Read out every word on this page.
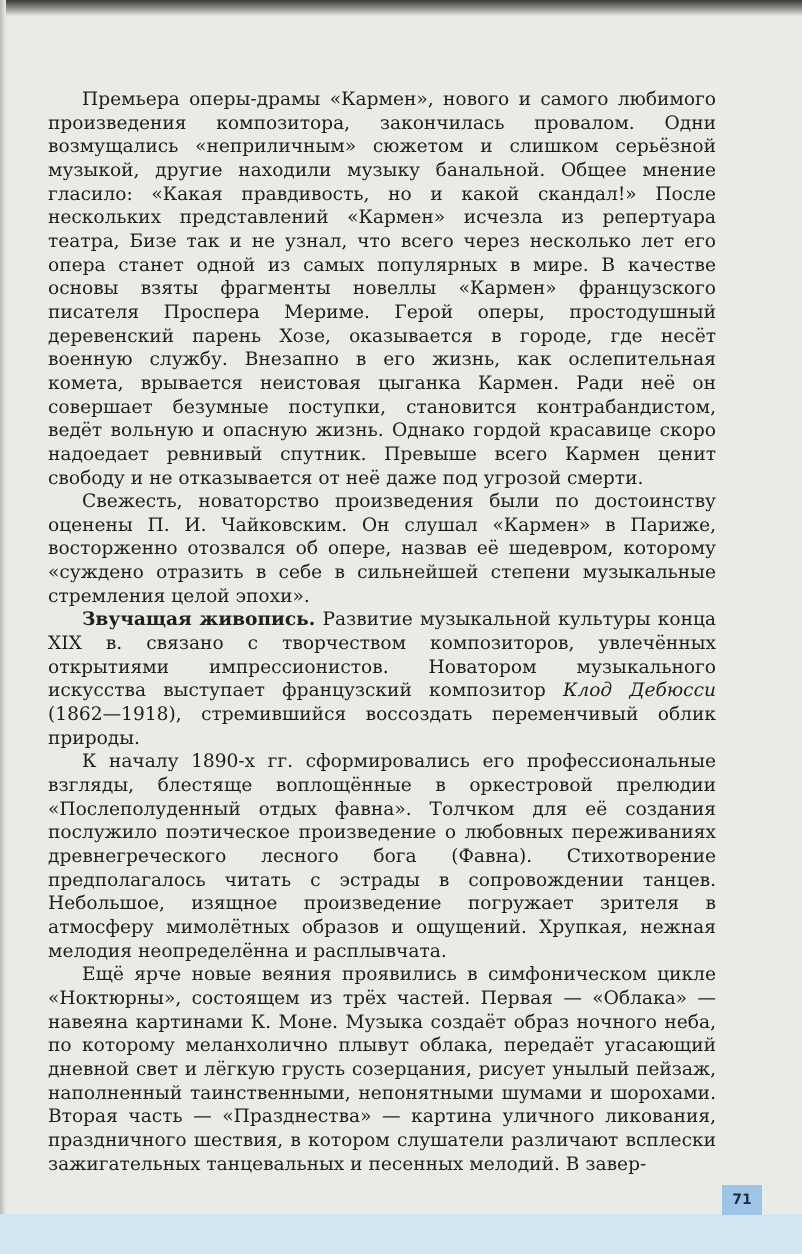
Премьера оперы-драмы «Кармен», нового и самого любимого произведения композитора, закончилась провалом. Одни возмущались «неприличным» сюжетом и слишком серьёзной музыкой, другие находили музыку банальной. Общее мнение гласило: «Какая правдивость, но и какой скандал!» После нескольких представлений «Кармен» исчезла из репертуара театра, Бизе так и не узнал, что всего через несколько лет его опера станет одной из самых популярных в мире. В качестве основы взяты фрагменты новеллы «Кармен» французского писателя Проспера Мериме. Герой оперы, простодушный деревенский парень Хозе, оказывается в городе, где несёт военную службу. Внезапно в его жизнь, как ослепительная комета, врывается неистовая цыганка Кармен. Ради неё он совершает безумные поступки, становится контрабандистом, ведёт вольную и опасную жизнь. Однако гордой красавице скоро надоедает ревнивый спутник. Превыше всего Кармен ценит свободу и не отказывается от неё даже под угрозой смерти.

Свежесть, новаторство произведения были по достоинству оценены П. И. Чайковским. Он слушал «Кармен» в Париже, восторженно отозвался об опере, назвав её шедевром, которому «суждено отразить в себе в сильнейшей степени музыкальные стремления целой эпохи».

Звучащая живопись. Развитие музыкальной культуры конца XIX в. связано с творчеством композиторов, увлечённых открытиями импрессионистов. Новатором музыкального искусства выступает французский композитор Клод Дебюсси (1862—1918), стремившийся воссоздать переменчивый облик природы.

К началу 1890-х гг. сформировались его профессиональные взгляды, блестяще воплощённые в оркестровой прелюдии «Послеполуденный отдых фавна». Толчком для её создания послужило поэтическое произведение о любовных переживаниях древнегреческого лесного бога (Фавна). Стихотворение предполагалось читать с эстрады в сопровождении танцев. Небольшое, изящное произведение погружает зрителя в атмосферу мимолётных образов и ощущений. Хрупкая, нежная мелодия неопределённа и расплывчата.

Ещё ярче новые веяния проявились в симфоническом цикле «Ноктюрны», состоящем из трёх частей. Первая — «Облака» — навеяна картинами К. Моне. Музыка создаёт образ ночного неба, по которому меланхолично плывут облака, передаёт угасающий дневной свет и лёгкую грусть созерцания, рисует унылый пейзаж, наполненный таинственными, непонятными шумами и шорохами. Вторая часть — «Празднества» — картина уличного ликования, праздничного шествия, в котором слушатели различают всплески зажигательных танцевальных и песенных мелодий. В завер-

71
